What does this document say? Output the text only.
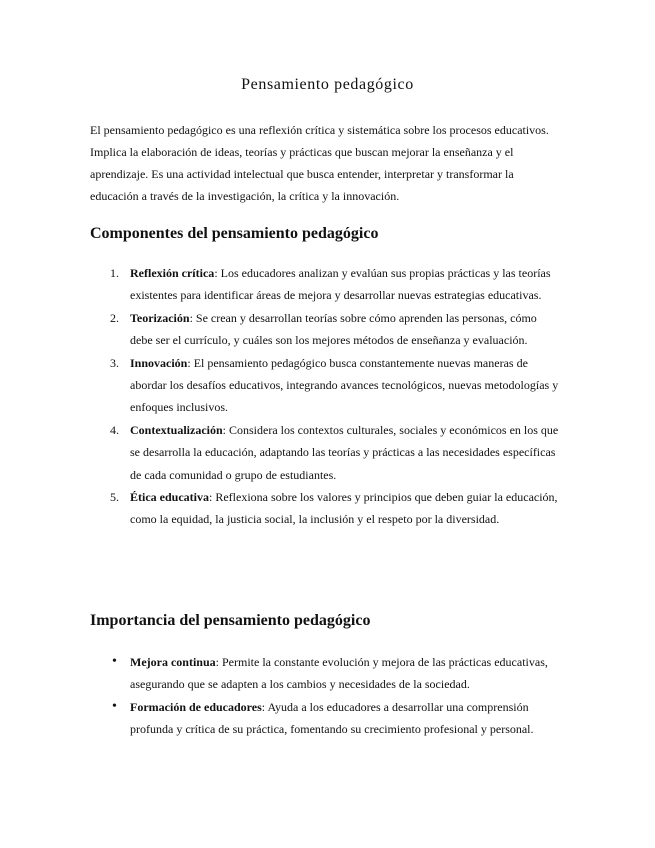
Pensamiento pedagógico

El pensamiento pedagógico es una reflexión crítica y sistemática sobre los procesos educativos. Implica la elaboración de ideas, teorías y prácticas que buscan mejorar la enseñanza y el aprendizaje. Es una actividad intelectual que busca entender, interpretar y transformar la educación a través de la investigación, la crítica y la innovación.

Componentes del pensamiento pedagógico
1. Reflexión crítica: Los educadores analizan y evalúan sus propias prácticas y las teorías existentes para identificar áreas de mejora y desarrollar nuevas estrategias educativas.
2. Teorización: Se crean y desarrollan teorías sobre cómo aprenden las personas, cómo debe ser el currículo, y cuáles son los mejores métodos de enseñanza y evaluación.
3. Innovación: El pensamiento pedagógico busca constantemente nuevas maneras de abordar los desafíos educativos, integrando avances tecnológicos, nuevas metodologías y enfoques inclusivos.
4. Contextualización: Considera los contextos culturales, sociales y económicos en los que se desarrolla la educación, adaptando las teorías y prácticas a las necesidades específicas de cada comunidad o grupo de estudiantes.
5. Ética educativa: Reflexiona sobre los valores y principios que deben guiar la educación, como la equidad, la justicia social, la inclusión y el respeto por la diversidad.
Importancia del pensamiento pedagógico
• Mejora continua: Permite la constante evolución y mejora de las prácticas educativas, asegurando que se adapten a los cambios y necesidades de la sociedad.
• Formación de educadores: Ayuda a los educadores a desarrollar una comprensión profunda y crítica de su práctica, fomentando su crecimiento profesional y personal.
